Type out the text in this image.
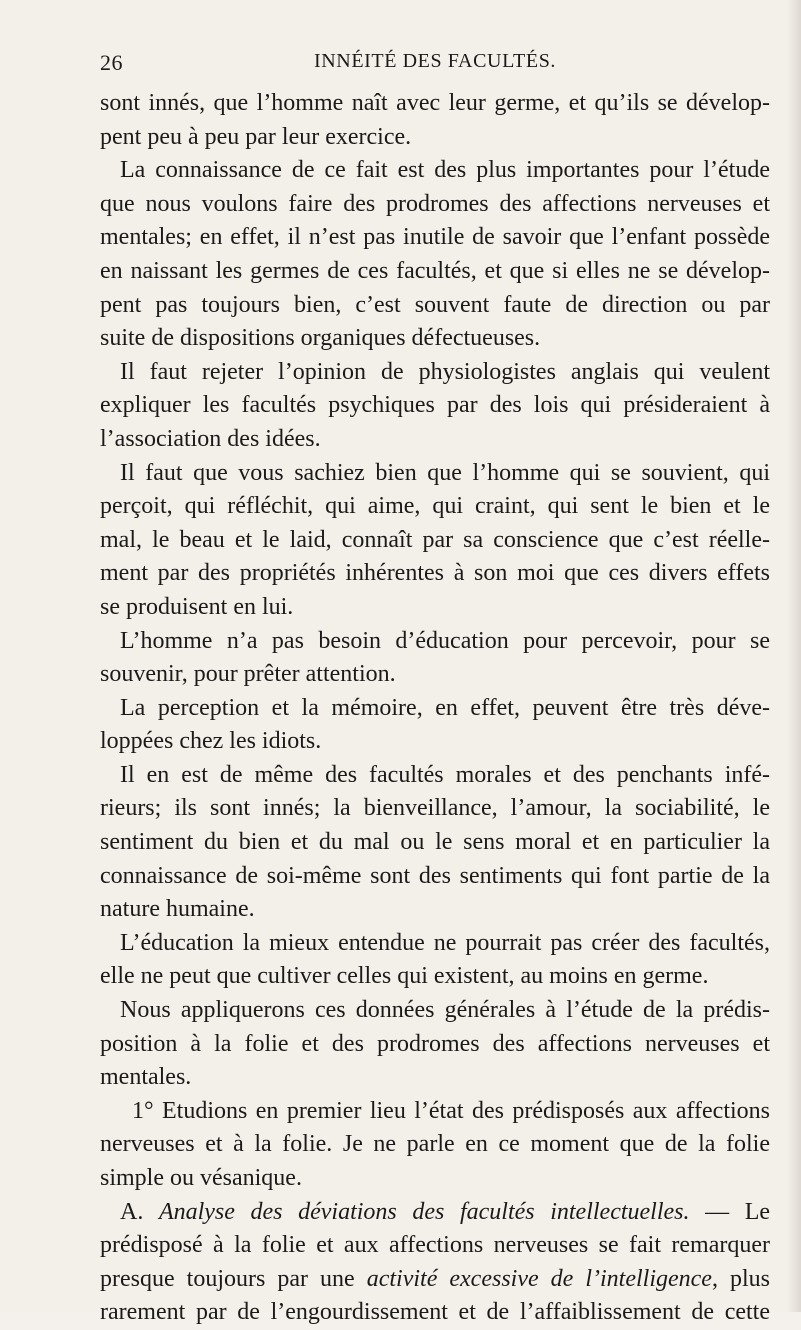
26	INNÉITÉ DES FACULTÉS.
sont innés, que l’homme naît avec leur germe, et qu’ils se dévelop-
pent peu à peu par leur exercice.
La connaissance de ce fait est des plus importantes pour l’étude
que nous voulons faire des prodromes des affections nerveuses et
mentales; en effet, il n’est pas inutile de savoir que l’enfant possède
en naissant les germes de ces facultés, et que si elles ne se dévelop-
pent pas toujours bien, c’est souvent faute de direction ou par
suite de dispositions organiques défectueuses.
Il faut rejeter l’opinion de physiologistes anglais qui veulent
expliquer les facultés psychiques par des lois qui présideraient à
l’association des idées.
Il faut que vous sachiez bien que l’homme qui se souvient, qui
perçoit, qui réfléchit, qui aime, qui craint, qui sent le bien et le
mal, le beau et le laid, connaît par sa conscience que c’est réelle-
ment par des propriétés inhérentes à son moi que ces divers effets
se produisent en lui.
L’homme n’a pas besoin d’éducation pour percevoir, pour se
souvenir, pour prêter attention.
La perception et la mémoire, en effet, peuvent être très déve-
loppées chez les idiots.
Il en est de même des facultés morales et des penchants infé-
rieurs; ils sont innés; la bienveillance, l’amour, la sociabilité, le
sentiment du bien et du mal ou le sens moral et en particulier la
connaissance de soi-même sont des sentiments qui font partie de la
nature humaine.
L’éducation la mieux entendue ne pourrait pas créer des facultés,
elle ne peut que cultiver celles qui existent, au moins en germe.
Nous appliquerons ces données générales à l’étude de la prédis-
position à la folie et des prodromes des affections nerveuses et
mentales.
1° Etudions en premier lieu l’état des prédisposés aux affections
nerveuses et à la folie. Je ne parle en ce moment que de la folie
simple ou vésanique.
A. Analyse des déviations des facultés intellectuelles. — Le
prédisposé à la folie et aux affections nerveuses se fait remarquer
presque toujours par une activité excessive de l’intelligence, plus
rarement par de l’engourdissement et de l’affaiblissement de cette
